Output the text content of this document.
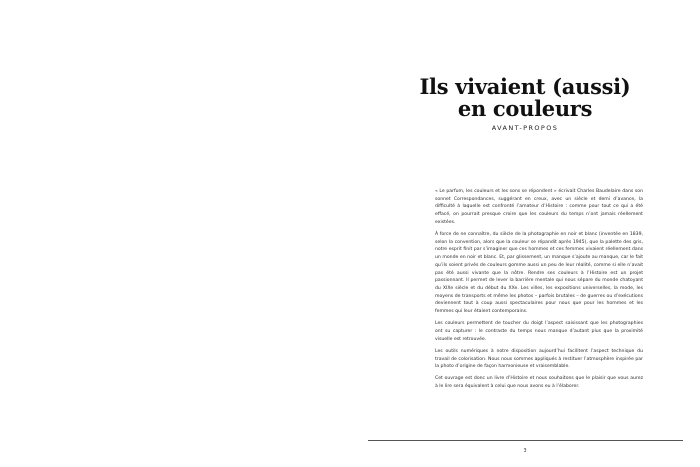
Ils vivaient (aussi)
en couleurs
AVANT-PROPOS

« Le parfum, les couleurs et les sons se répondent » écrivait Charles Baudelaire dans son sonnet Correspondances, suggérant en creux, avec un siècle et demi d’avance, la difficulté à laquelle est confronté l’amateur d’Histoire : comme pour tout ce qui a été effacé, on pourrait presque croire que les couleurs du temps n’ont jamais réellement existées.

À force de ne connaître, du siècle de la photographie en noir et blanc (inventée en 1839, selon la convention, alors que la couleur se répandit après 1945), que la palette des gris, notre esprit finit par s’imaginer que ces hommes et ces femmes vivaient réellement dans un monde en noir et blanc. Et, par glissement, un manque s’ajoute au manque, car le fait qu’ils soient privés de couleurs gomme aussi un peu de leur réalité, comme si elle n’avait pas été aussi vivante que la nôtre. Rendre ses couleurs à l’Histoire est un projet passionnant. Il permet de lever la barrière mentale qui nous sépare du monde chatoyant du XIXe siècle et du début du XXe. Les villes, les expositions universelles, la mode, les moyens de transports et même les photos – parfois brutales – de guerres ou d’exécutions deviennent tout à coup aussi spectaculaires pour nous que pour les hommes et les femmes qui leur étaient contemporains.

Les couleurs permettent de toucher du doigt l’aspect saisissant que les photographies ont su capturer : le contraste du temps nous manque d’autant plus que la proximité visuelle est retrouvée.

Les outils numériques à notre disposition aujourd’hui facilitent l’aspect technique du travail de colorisation. Nous nous sommes appliqués à restituer l’atmosphère inspirée par la photo d’origine de façon harmonieuse et vraisemblable.

Cet ouvrage est donc un livre d’Histoire et nous souhaitons que le plaisir que vous aurez à le lire sera équivalent à celui que nous avons eu à l’élaborer.

3
